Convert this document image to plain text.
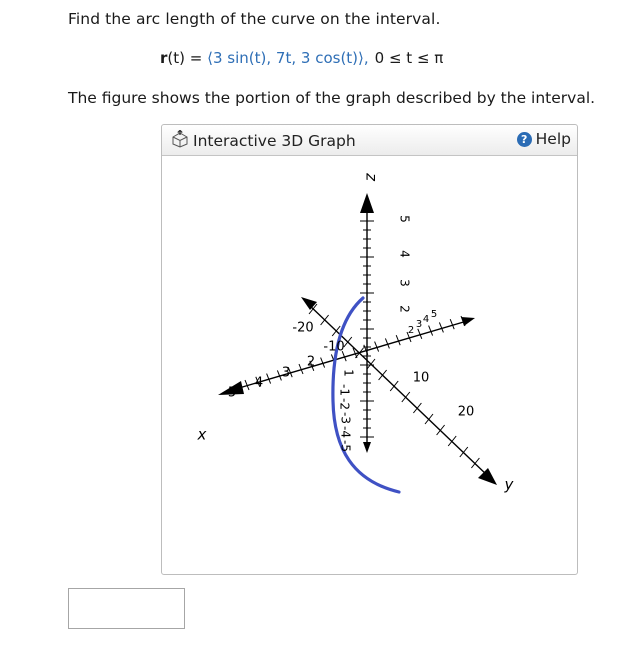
Find the arc length of the curve on the interval.

r(t) = ⟨3 sin(t), 7t, 3 cos(t)⟩, 0 ≤ t ≤ π

The figure shows the portion of the graph described by the interval.

Interactive 3D Graph	? Help
z
x
y
5
4
3
2
1
-1
-2
-3
-4
-5
5
4
3
2
-20
-10
10
20
2
3 4 5
